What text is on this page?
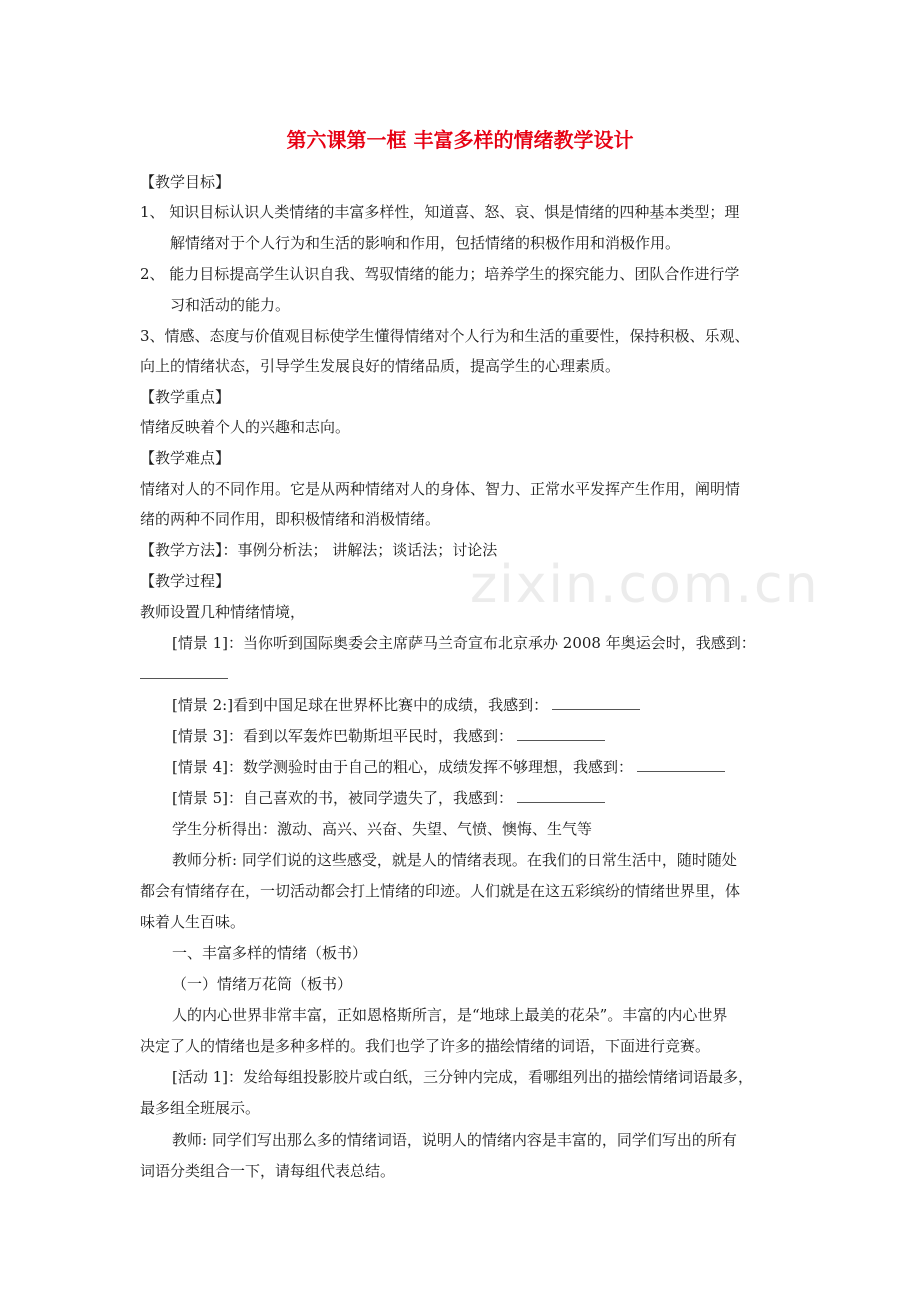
zixin.com.cn
第六课第一框 丰富多样的情绪教学设计
【教学目标】
1、 知识目标认识人类情绪的丰富多样性，知道喜、怒、哀、惧是情绪的四种基本类型；理
解情绪对于个人行为和生活的影响和作用，包括情绪的积极作用和消极作用。
2、 能力目标提高学生认识自我、驾驭情绪的能力；培养学生的探究能力、团队合作进行学
习和活动的能力。
3、情感、态度与价值观目标使学生懂得情绪对个人行为和生活的重要性，保持积极、乐观、
向上的情绪状态，引导学生发展良好的情绪品质，提高学生的心理素质。
【教学重点】
情绪反映着个人的兴趣和志向。
【教学难点】
情绪对人的不同作用。它是从两种情绪对人的身体、智力、正常水平发挥产生作用，阐明情
绪的两种不同作用，即积极情绪和消极情绪。
【教学方法】：事例分析法； 讲解法；谈话法；讨论法
【教学过程】
教师设置几种情绪情境，
[情景 1]：当你听到国际奥委会主席萨马兰奇宣布北京承办 2008 年奥运会时，我感到：
[情景 2:]看到中国足球在世界杯比赛中的成绩，我感到：
[情景 3]：看到以军轰炸巴勒斯坦平民时，我感到：
[情景 4]：数学测验时由于自己的粗心，成绩发挥不够理想，我感到：
[情景 5]：自己喜欢的书，被同学遗失了，我感到：
学生分析得出：激动、高兴、兴奋、失望、气愤、懊悔、生气等
教师分析: 同学们说的这些感受，就是人的情绪表现。在我们的日常生活中，随时随处
都会有情绪存在，一切活动都会打上情绪的印迹。人们就是在这五彩缤纷的情绪世界里，体
味着人生百味。
一、丰富多样的情绪（板书）
（一）情绪万花筒（板书）
人的内心世界非常丰富，正如恩格斯所言，是“地球上最美的花朵”。丰富的内心世界
决定了人的情绪也是多种多样的。我们也学了许多的描绘情绪的词语，下面进行竞赛。
[活动 1]：发给每组投影胶片或白纸，三分钟内完成，看哪组列出的描绘情绪词语最多，
最多组全班展示。
教师: 同学们写出那么多的情绪词语，说明人的情绪内容是丰富的，同学们写出的所有
词语分类组合一下，请每组代表总结。
